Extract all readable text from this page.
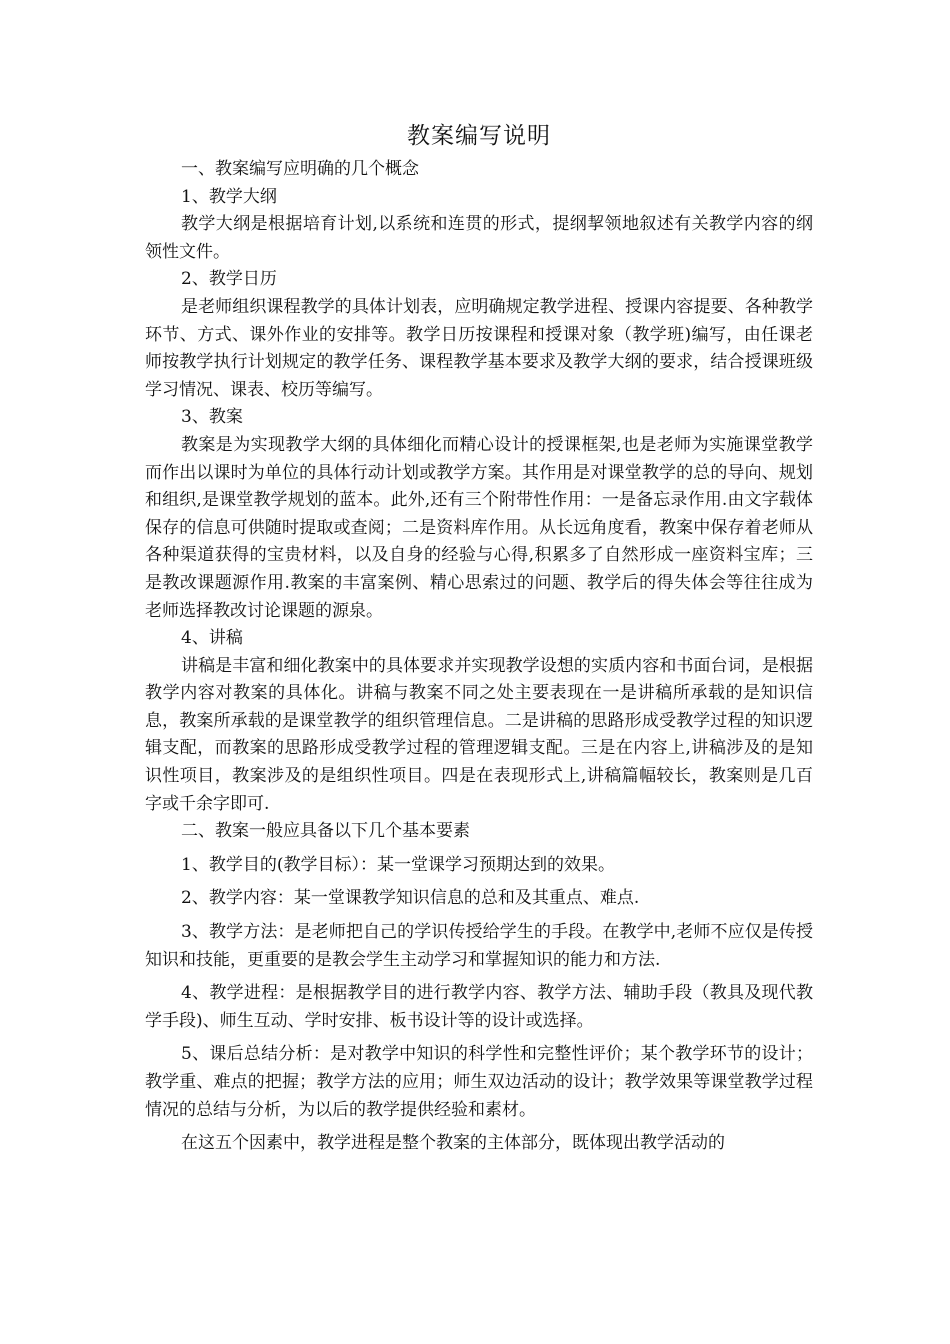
教案编写说明

一、教案编写应明确的几个概念

1、教学大纲

教学大纲是根据培育计划,以系统和连贯的形式，提纲挈领地叙述有关教学内容的纲领性文件。

2、教学日历

是老师组织课程教学的具体计划表，应明确规定教学进程、授课内容提要、各种教学环节、方式、课外作业的安排等。教学日历按课程和授课对象（教学班)编写，由任课老师按教学执行计划规定的教学任务、课程教学基本要求及教学大纲的要求，结合授课班级学习情况、课表、校历等编写。

3、教案

教案是为实现教学大纲的具体细化而精心设计的授课框架,也是老师为实施课堂教学而作出以课时为单位的具体行动计划或教学方案。其作用是对课堂教学的总的导向、规划和组织,是课堂教学规划的蓝本。此外,还有三个附带性作用：一是备忘录作用.由文字载体保存的信息可供随时提取或查阅；二是资料库作用。从长远角度看，教案中保存着老师从各种渠道获得的宝贵材料，以及自身的经验与心得,积累多了自然形成一座资料宝库；三是教改课题源作用.教案的丰富案例、精心思索过的问题、教学后的得失体会等往往成为老师选择教改讨论课题的源泉。

4、讲稿

讲稿是丰富和细化教案中的具体要求并实现教学设想的实质内容和书面台词，是根据教学内容对教案的具体化。讲稿与教案不同之处主要表现在一是讲稿所承载的是知识信息，教案所承载的是课堂教学的组织管理信息。二是讲稿的思路形成受教学过程的知识逻辑支配，而教案的思路形成受教学过程的管理逻辑支配。三是在内容上,讲稿涉及的是知识性项目，教案涉及的是组织性项目。四是在表现形式上,讲稿篇幅较长，教案则是几百字或千余字即可.

二、教案一般应具备以下几个基本要素

1、教学目的(教学目标）：某一堂课学习预期达到的效果。

2、教学内容：某一堂课教学知识信息的总和及其重点、难点.

3、教学方法：是老师把自己的学识传授给学生的手段。在教学中,老师不应仅是传授知识和技能，更重要的是教会学生主动学习和掌握知识的能力和方法.

4、教学进程：是根据教学目的进行教学内容、教学方法、辅助手段（教具及现代教学手段)、师生互动、学时安排、板书设计等的设计或选择。

5、课后总结分析：是对教学中知识的科学性和完整性评价；某个教学环节的设计；教学重、难点的把握；教学方法的应用；师生双边活动的设计；教学效果等课堂教学过程情况的总结与分析，为以后的教学提供经验和素材。

在这五个因素中，教学进程是整个教案的主体部分，既体现出教学活动的
